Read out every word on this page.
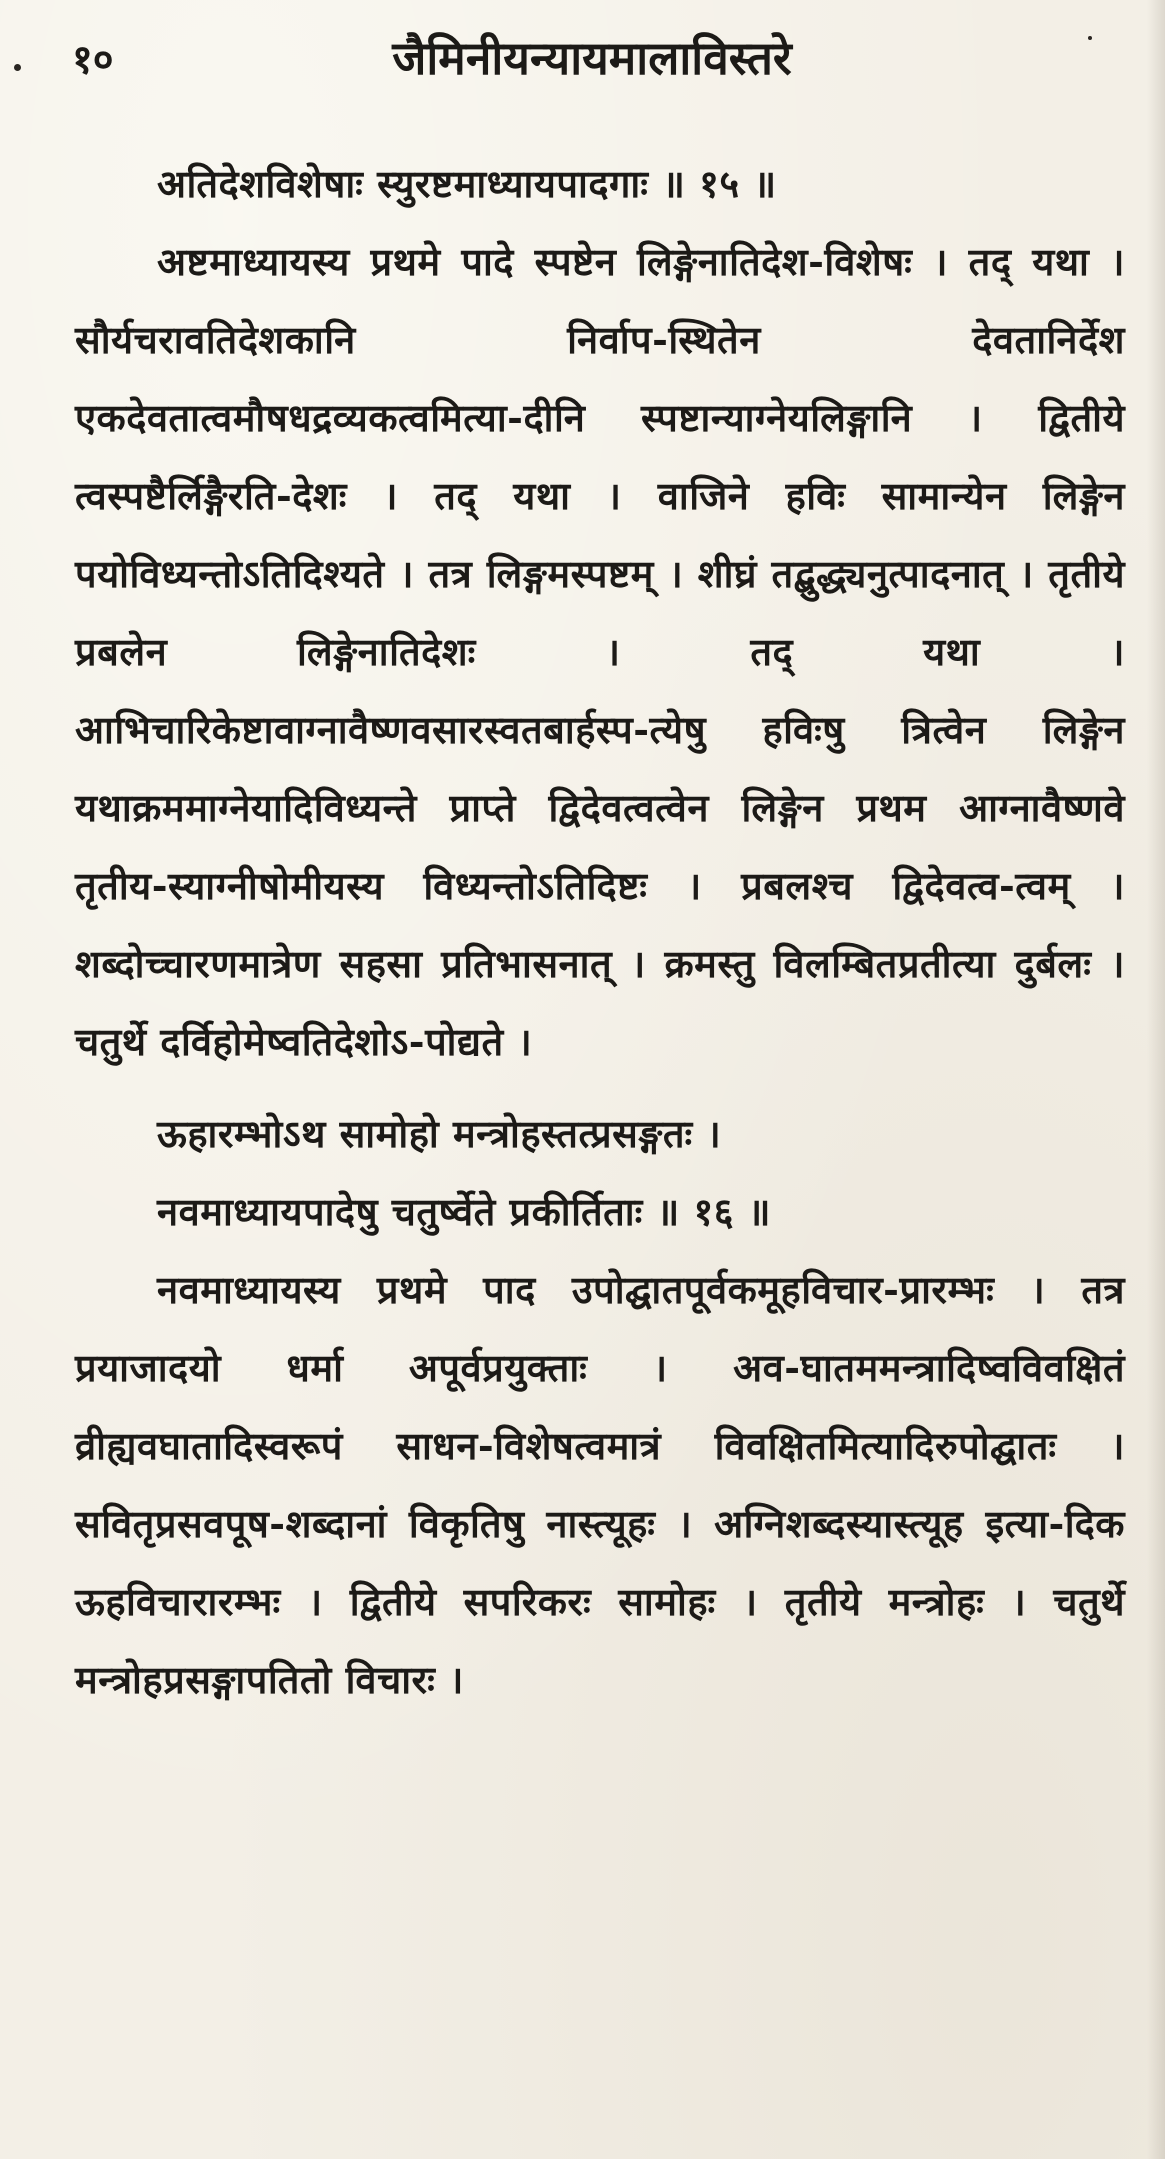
१०	जैमिनीयन्यायमालाविस्तरे
अतिदेशविशेषाः स्युरष्टमाध्यायपादगाः ॥ १५ ॥

अष्टमाध्यायस्य प्रथमे पादे स्पष्टेन लिङ्गेनातिदेश-विशेषः । तद् यथा । सौर्यचरावतिदेशकानि निर्वाप-स्थितेन देवतानिर्देश एकदेवतात्वमौषधद्रव्यकत्वमित्या-दीनि स्पष्टान्याग्नेयलिङ्गानि । द्वितीये त्वस्पष्टैर्लिङ्गैरति-देशः । तद् यथा । वाजिने हविः सामान्येन लिङ्गेन पयोविध्यन्तोऽतिदिश्यते । तत्र लिङ्गमस्पष्टम् । शीघ्रं तद्बुद्ध्यनुत्पादनात् । तृतीये प्रबलेन लिङ्गेनातिदेशः । तद् यथा । आभिचारिकेष्टावाग्नावैष्णवसारस्वतबार्हस्प-त्येषु हविःषु त्रित्वेन लिङ्गेन यथाक्रममाग्नेयादिविध्यन्ते प्राप्ते द्विदेवत्वत्वेन लिङ्गेन प्रथम आग्नावैष्णवे तृतीय-स्याग्नीषोमीयस्य विध्यन्तोऽतिदिष्टः । प्रबलश्च द्विदेवत्व-त्वम् । शब्दोच्चारणमात्रेण सहसा प्रतिभासनात् । क्रमस्तु विलम्बितप्रतीत्या दुर्बलः । चतुर्थे दर्विहोमेष्वतिदेशोऽ-पोद्यते ।

ऊहारम्भोऽथ सामोहो मन्त्रोहस्तत्प्रसङ्गतः ।
नवमाध्यायपादेषु चतुर्ष्वेते प्रकीर्तिताः ॥ १६ ॥

नवमाध्यायस्य प्रथमे पाद उपोद्घातपूर्वकमूहविचार-प्रारम्भः । तत्र प्रयाजादयो धर्मा अपूर्वप्रयुक्ताः । अव-घातममन्त्रादिष्वविवक्षितं व्रीह्यवघातादिस्वरूपं साधन-विशेषत्वमात्रं विवक्षितमित्यादिरुपोद्घातः । सवितृप्रसवपूष-शब्दानां विकृतिषु नास्त्यूहः । अग्निशब्दस्यास्त्यूह इत्या-दिक ऊहविचारारम्भः । द्वितीये सपरिकरः सामोहः । तृतीये मन्त्रोहः । चतुर्थे मन्त्रोहप्रसङ्गापतितो विचारः ।
